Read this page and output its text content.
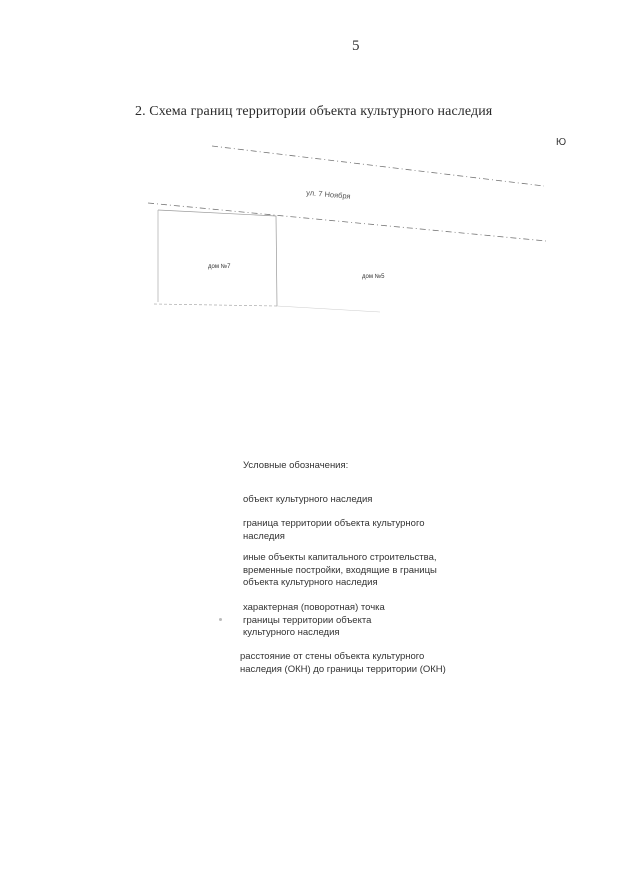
5
2. Схема границ территории объекта культурного наследия
Ю
ул. 7 Ноября
дом №7
дом №5
Условные обозначения:
объект культурного наследия
граница территории объекта культурного
наследия
иные объекты капитального строительства,
временные постройки, входящие в границы
объекта культурного наследия
характерная (поворотная) точка
границы территории объекта
культурного наследия
расстояние от стены объекта культурного
наследия (ОКН) до границы территории (ОКН)
